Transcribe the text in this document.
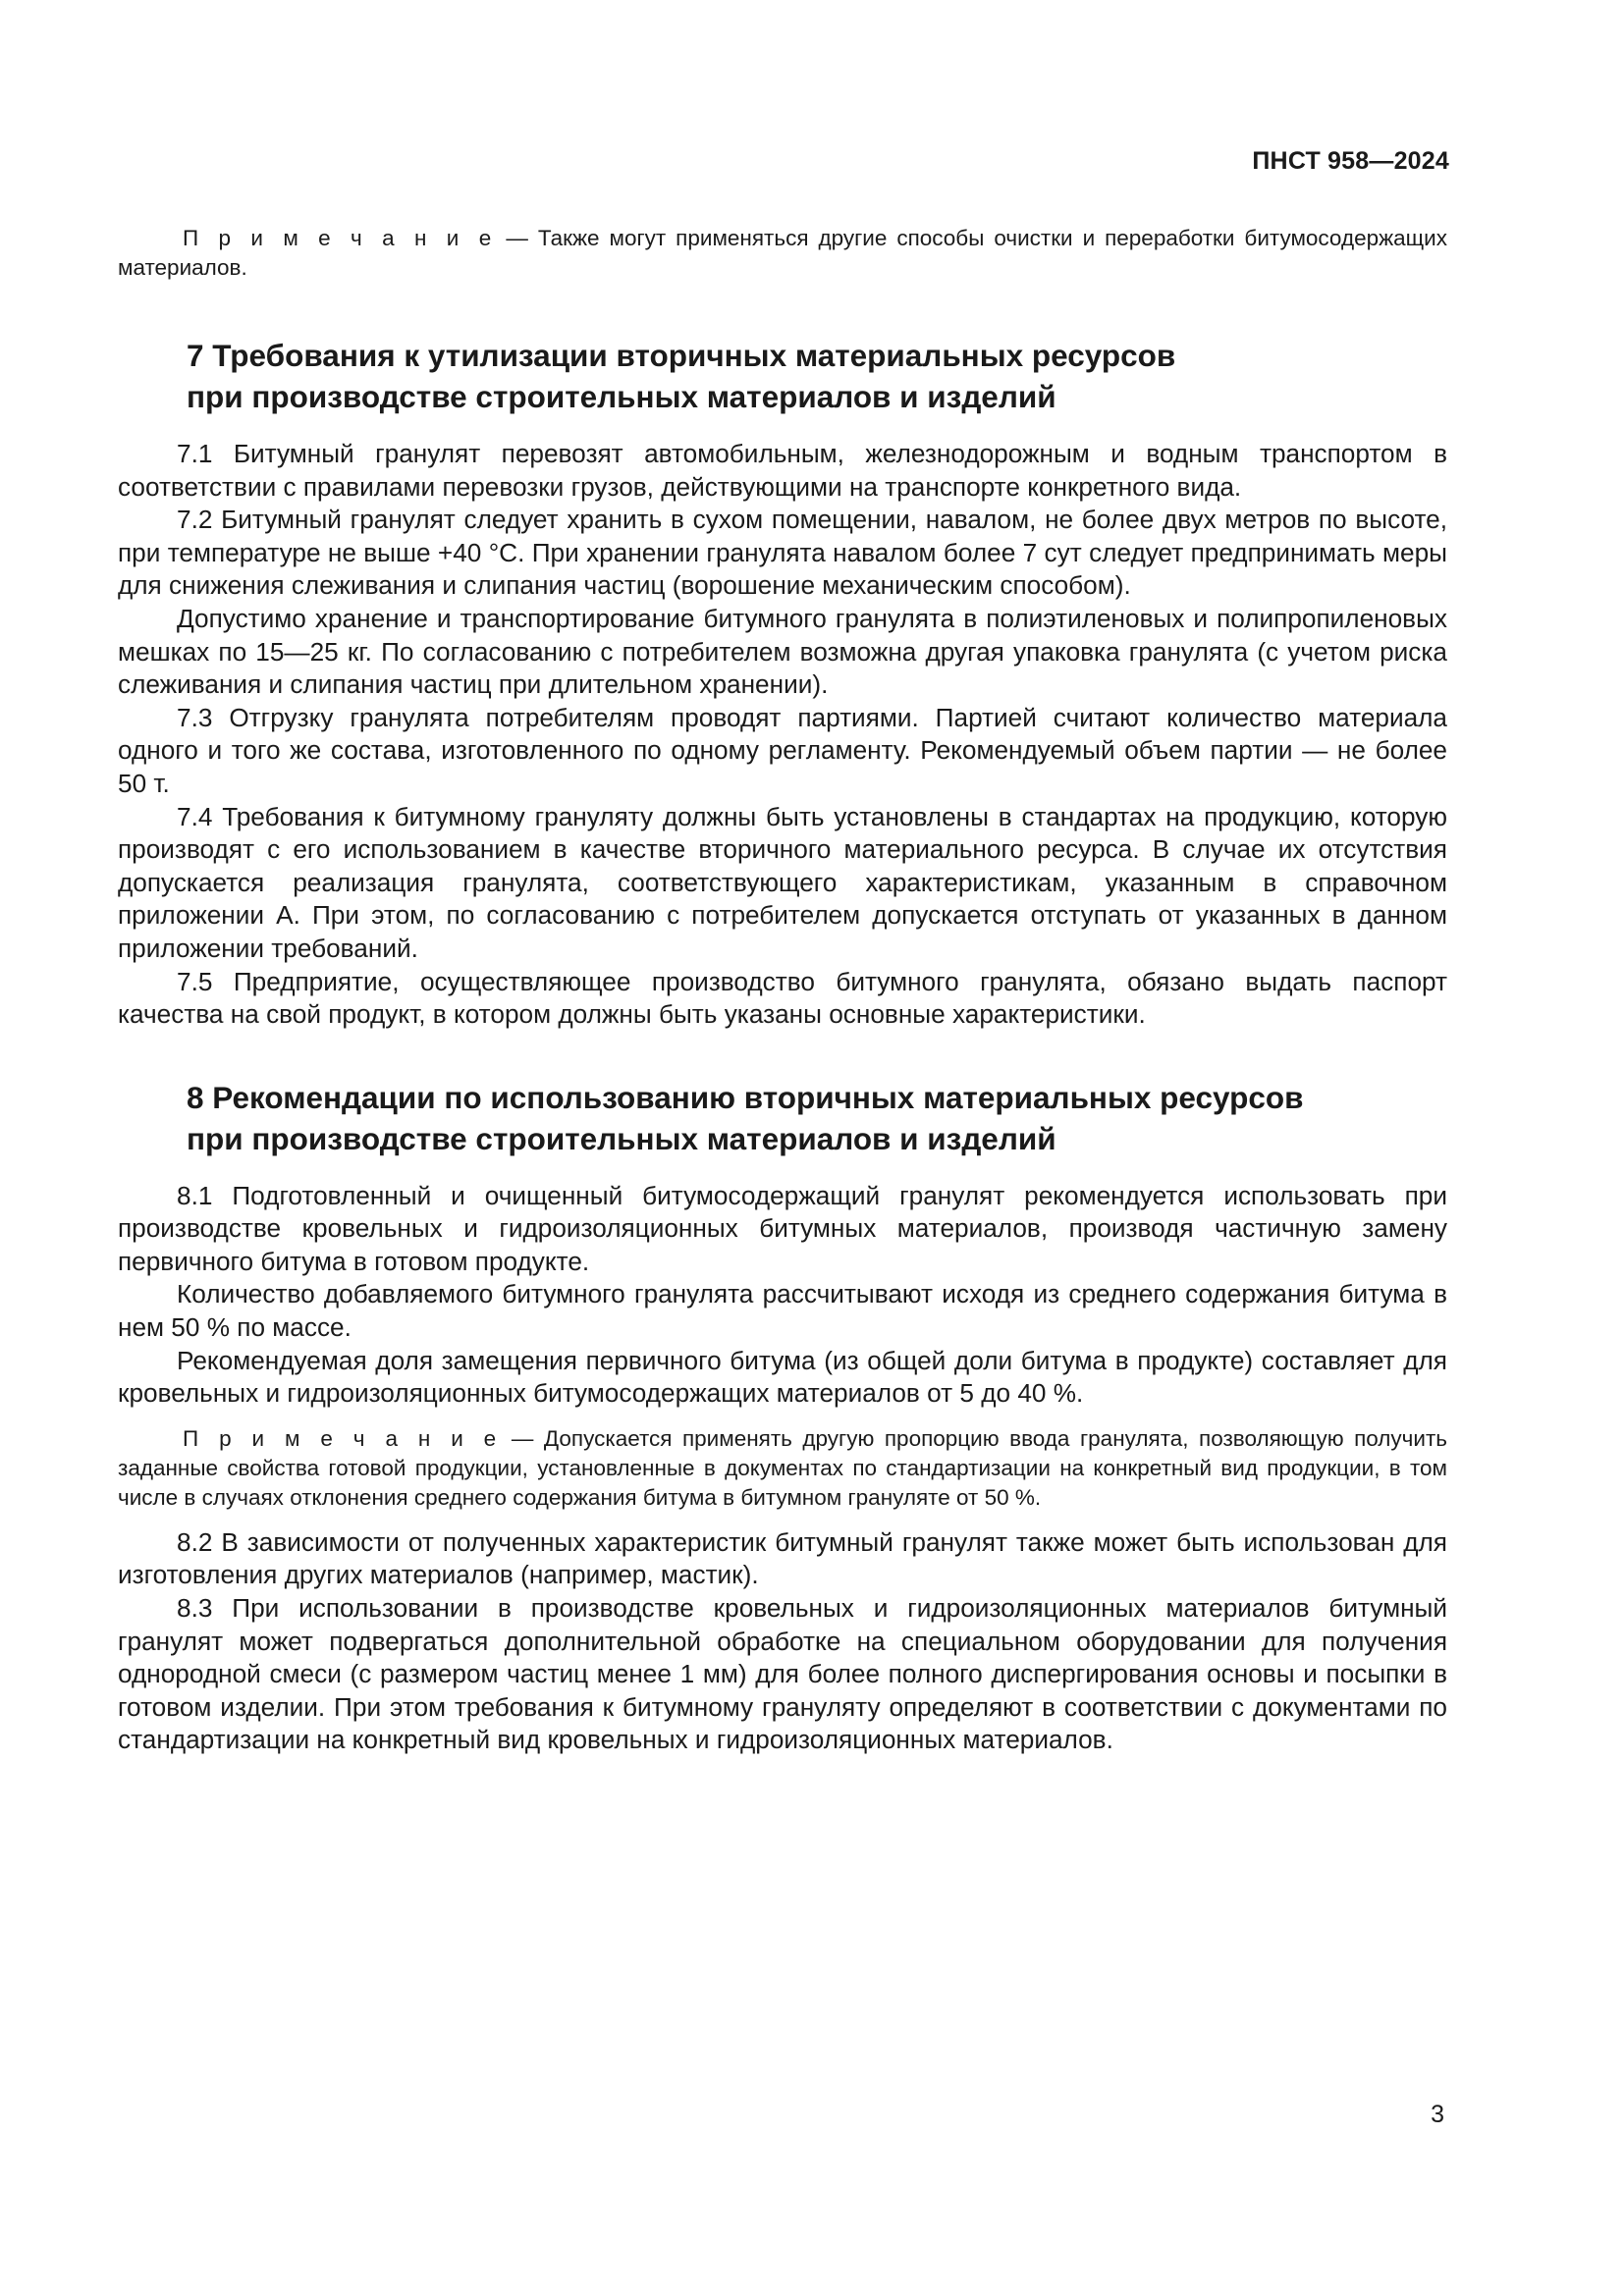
ПНСТ 958—2024

П р и м е ч а н и е — Также могут применяться другие способы очистки и переработки битумосодержащих материалов.

7 Требования к утилизации вторичных материальных ресурсов
при производстве строительных материалов и изделий

7.1 Битумный гранулят перевозят автомобильным, железнодорожным и водным транспортом в соответствии с правилами перевозки грузов, действующими на транспорте конкретного вида.

7.2 Битумный гранулят следует хранить в сухом помещении, навалом, не более двух метров по высоте, при температуре не выше +40 °С. При хранении гранулята навалом более 7 сут следует предпринимать меры для снижения слеживания и слипания частиц (ворошение механическим способом).

Допустимо хранение и транспортирование битумного гранулята в полиэтиленовых и полипропиленовых мешках по 15—25 кг. По согласованию с потребителем возможна другая упаковка гранулята (с учетом риска слеживания и слипания частиц при длительном хранении).

7.3 Отгрузку гранулята потребителям проводят партиями. Партией считают количество материала одного и того же состава, изготовленного по одному регламенту. Рекомендуемый объем партии — не более 50 т.

7.4 Требования к битумному грануляту должны быть установлены в стандартах на продукцию, которую производят с его использованием в качестве вторичного материального ресурса. В случае их отсутствия допускается реализация гранулята, соответствующего характеристикам, указанным в справочном приложении А. При этом, по согласованию с потребителем допускается отступать от указанных в данном приложении требований.

7.5 Предприятие, осуществляющее производство битумного гранулята, обязано выдать паспорт качества на свой продукт, в котором должны быть указаны основные характеристики.

8 Рекомендации по использованию вторичных материальных ресурсов
при производстве строительных материалов и изделий

8.1 Подготовленный и очищенный битумосодержащий гранулят рекомендуется использовать при производстве кровельных и гидроизоляционных битумных материалов, производя частичную замену первичного битума в готовом продукте.

Количество добавляемого битумного гранулята рассчитывают исходя из среднего содержания битума в нем 50 % по массе.

Рекомендуемая доля замещения первичного битума (из общей доли битума в продукте) составляет для кровельных и гидроизоляционных битумосодержащих материалов от 5 до 40 %.

П р и м е ч а н и е — Допускается применять другую пропорцию ввода гранулята, позволяющую получить заданные свойства готовой продукции, установленные в документах по стандартизации на конкретный вид продукции, в том числе в случаях отклонения среднего содержания битума в битумном грануляте от 50 %.

8.2 В зависимости от полученных характеристик битумный гранулят также может быть использован для изготовления других материалов (например, мастик).

8.3 При использовании в производстве кровельных и гидроизоляционных материалов битумный гранулят может подвергаться дополнительной обработке на специальном оборудовании для получения однородной смеси (с размером частиц менее 1 мм) для более полного диспергирования основы и посыпки в готовом изделии. При этом требования к битумному грануляту определяют в соответствии с документами по стандартизации на конкретный вид кровельных и гидроизоляционных материалов.

3
